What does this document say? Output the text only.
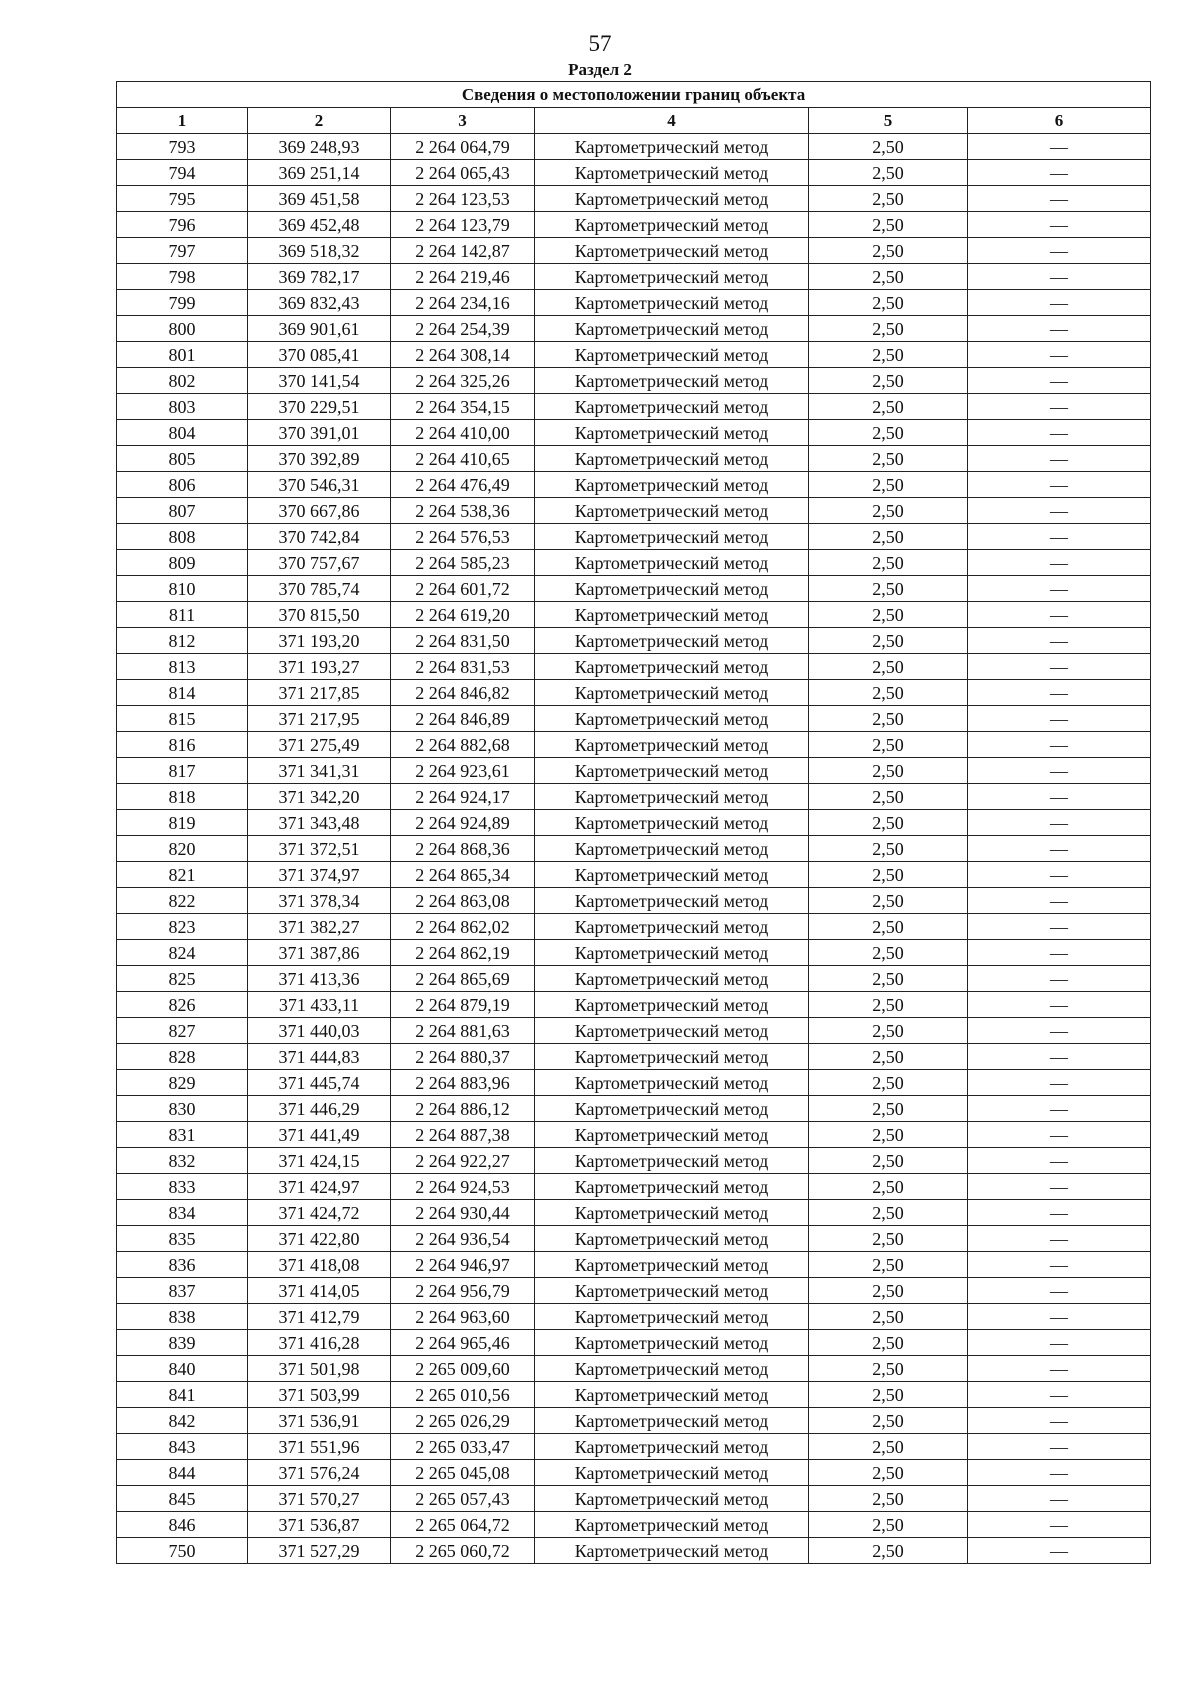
57
Раздел 2
Сведения о местоположении границ объекта					
1	2	3	4	5	6
793	369 248,93	2 264 064,79	Картометрический метод	2,50	—
794	369 251,14	2 264 065,43	Картометрический метод	2,50	—
795	369 451,58	2 264 123,53	Картометрический метод	2,50	—
796	369 452,48	2 264 123,79	Картометрический метод	2,50	—
797	369 518,32	2 264 142,87	Картометрический метод	2,50	—
798	369 782,17	2 264 219,46	Картометрический метод	2,50	—
799	369 832,43	2 264 234,16	Картометрический метод	2,50	—
800	369 901,61	2 264 254,39	Картометрический метод	2,50	—
801	370 085,41	2 264 308,14	Картометрический метод	2,50	—
802	370 141,54	2 264 325,26	Картометрический метод	2,50	—
803	370 229,51	2 264 354,15	Картометрический метод	2,50	—
804	370 391,01	2 264 410,00	Картометрический метод	2,50	—
805	370 392,89	2 264 410,65	Картометрический метод	2,50	—
806	370 546,31	2 264 476,49	Картометрический метод	2,50	—
807	370 667,86	2 264 538,36	Картометрический метод	2,50	—
808	370 742,84	2 264 576,53	Картометрический метод	2,50	—
809	370 757,67	2 264 585,23	Картометрический метод	2,50	—
810	370 785,74	2 264 601,72	Картометрический метод	2,50	—
811	370 815,50	2 264 619,20	Картометрический метод	2,50	—
812	371 193,20	2 264 831,50	Картометрический метод	2,50	—
813	371 193,27	2 264 831,53	Картометрический метод	2,50	—
814	371 217,85	2 264 846,82	Картометрический метод	2,50	—
815	371 217,95	2 264 846,89	Картометрический метод	2,50	—
816	371 275,49	2 264 882,68	Картометрический метод	2,50	—
817	371 341,31	2 264 923,61	Картометрический метод	2,50	—
818	371 342,20	2 264 924,17	Картометрический метод	2,50	—
819	371 343,48	2 264 924,89	Картометрический метод	2,50	—
820	371 372,51	2 264 868,36	Картометрический метод	2,50	—
821	371 374,97	2 264 865,34	Картометрический метод	2,50	—
822	371 378,34	2 264 863,08	Картометрический метод	2,50	—
823	371 382,27	2 264 862,02	Картометрический метод	2,50	—
824	371 387,86	2 264 862,19	Картометрический метод	2,50	—
825	371 413,36	2 264 865,69	Картометрический метод	2,50	—
826	371 433,11	2 264 879,19	Картометрический метод	2,50	—
827	371 440,03	2 264 881,63	Картометрический метод	2,50	—
828	371 444,83	2 264 880,37	Картометрический метод	2,50	—
829	371 445,74	2 264 883,96	Картометрический метод	2,50	—
830	371 446,29	2 264 886,12	Картометрический метод	2,50	—
831	371 441,49	2 264 887,38	Картометрический метод	2,50	—
832	371 424,15	2 264 922,27	Картометрический метод	2,50	—
833	371 424,97	2 264 924,53	Картометрический метод	2,50	—
834	371 424,72	2 264 930,44	Картометрический метод	2,50	—
835	371 422,80	2 264 936,54	Картометрический метод	2,50	—
836	371 418,08	2 264 946,97	Картометрический метод	2,50	—
837	371 414,05	2 264 956,79	Картометрический метод	2,50	—
838	371 412,79	2 264 963,60	Картометрический метод	2,50	—
839	371 416,28	2 264 965,46	Картометрический метод	2,50	—
840	371 501,98	2 265 009,60	Картометрический метод	2,50	—
841	371 503,99	2 265 010,56	Картометрический метод	2,50	—
842	371 536,91	2 265 026,29	Картометрический метод	2,50	—
843	371 551,96	2 265 033,47	Картометрический метод	2,50	—
844	371 576,24	2 265 045,08	Картометрический метод	2,50	—
845	371 570,27	2 265 057,43	Картометрический метод	2,50	—
846	371 536,87	2 265 064,72	Картометрический метод	2,50	—
750	371 527,29	2 265 060,72	Картометрический метод	2,50	—
